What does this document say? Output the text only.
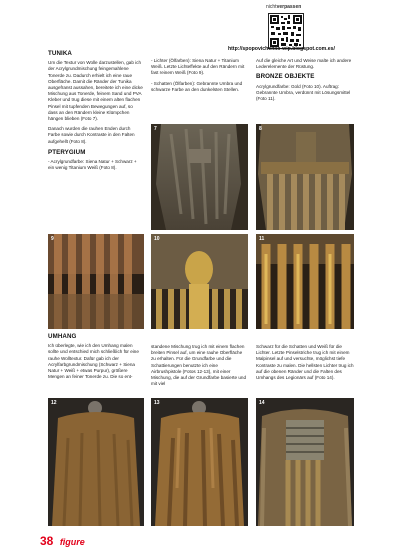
nichtverpassen
http://spopovichenko-wip.blogspot.com.es/
TUNIKA

Um die Textur von Wolle darzustellen, gab ich der Acrylgrundmischung feingemahlene Tonerde zu. Dadurch erhielt ich eine raue Oberfläche. Damit die Ränder der Tunika ausgefranst aussahen, bereitete ich eine dicke Mischung aus Tonerde, feinem Sand und PVA Kleber und trug diese mit einem alten flachen Pinsel mit tupfenden Bewegungen auf, so dass an den Rändern kleine Klümpchen hängen blieben (Foto 7).

Danach wurden die rauhen Enden durch Farbe sowie durch Kontraste in den Falten aufgehellt (Foto 8).

PTERYGIUM

- Acrylgrundfarbe: Siena Natur + Schwarz + ein wenig Titanium Weiß (Foto 8).

- Lichter (Ölfarben): Siena Natur + Titanium Weiß. Letzte Lichteffekte auf den Rändern mit fast reinem Weiß (Foto 9).

- Schatten (Ölfarben): Gebrannte Umbra und schwarze Farbe an den dunkelsten Stellen.

Auf die gleiche Art und Weise malte ich andere Lederelemente der Rüstung.

BRONZE OBJEKTE

Acrylgrundfarbe: Gold (Foto 10). Auftrag: Gebrannte Umbra, verdünnt mit Lösungsmittel (Foto 11).

7	8
9	10	11
UMHANG

Ich überlegte, wie ich den Umhang malen sollte und entschied mich schließlich für eine rauhe Wolltextur. Dafür gab ich der Acrylfarbgrundmischung (Schwarz + Siena Natur + Weiß + etwas Purpur), größere Mengen an feiner Tonerde zu. Die so ent-

standene Mischung trug ich mit einem flachen breiten Pinsel auf, um eine rauhe Oberfläche zu erhalten. Für die Grundfarbe und die Schattierungen benutzte ich eine Airbrushpistole (Fotos 12-13), mit einer Mischung, die auf der Grundfarbe basierte und mit viel

Schwarz für die Schatten und Weiß für die Lichter. Letzte Pinselstriche trug ich mit einem Malpinsel auf und versuchte, möglichst tiefe Kontraste zu malen. Die hellsten Lichter trug ich auf die obenen Ränder und die Falten des Umhangs des Legionärs auf (Foto 14).

12	13	14
38 figure
